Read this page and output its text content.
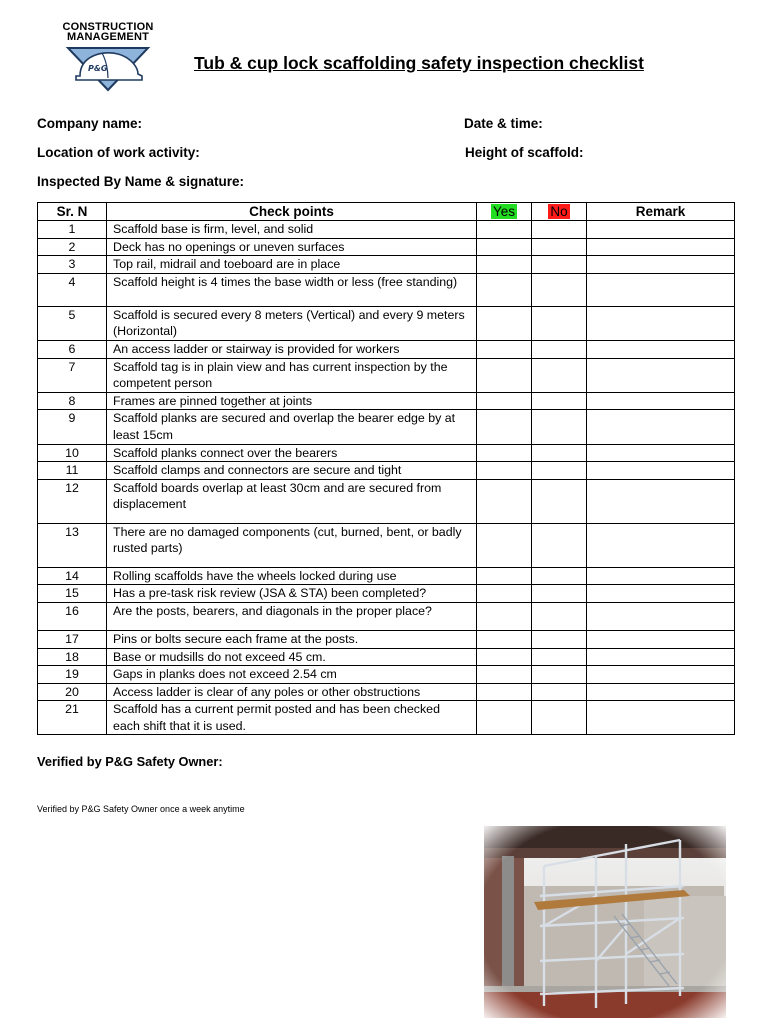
CONSTRUCTION
MANAGEMENT
P&G	Tub & cup lock scaffolding safety inspection checklist
Company name:	Date & time:
Location of work activity:	Height of scaffold:
Inspected By Name & signature:
Sr. N	Check points	Yes	No	Remark
1	Scaffold base is firm, level, and solid			
2	Deck has no openings or uneven surfaces			
3	Top rail, midrail and toeboard are in place			
4	Scaffold height is 4 times the base width or less (free standing)			
5	Scaffold is secured every 8 meters (Vertical) and every 9 meters (Horizontal)			
6	An access ladder or stairway is provided for workers			
7	Scaffold tag is in plain view and has current inspection by the competent person			
8	Frames are pinned together at joints			
9	Scaffold planks are secured and overlap the bearer edge by at least 15cm			
10	Scaffold planks connect over the bearers			
11	Scaffold clamps and connectors are secure and tight			
12	Scaffold boards overlap at least 30cm and are secured from displacement			
13	There are no damaged components (cut, burned, bent, or badly rusted parts)			
14	Rolling scaffolds have the wheels locked during use			
15	Has a pre-task risk review (JSA & STA) been completed?			
16	Are the posts, bearers, and diagonals in the proper place?			
17	Pins or bolts secure each frame at the posts.			
18	Base or mudsills do not exceed 45 cm.			
19	Gaps in planks does not exceed 2.54 cm			
20	Access ladder is clear of any poles or other obstructions			
21	Scaffold has a current permit posted and has been checked each shift that it is used.			
Verified by P&G Safety Owner:
Verified by P&G Safety Owner once a week anytime
